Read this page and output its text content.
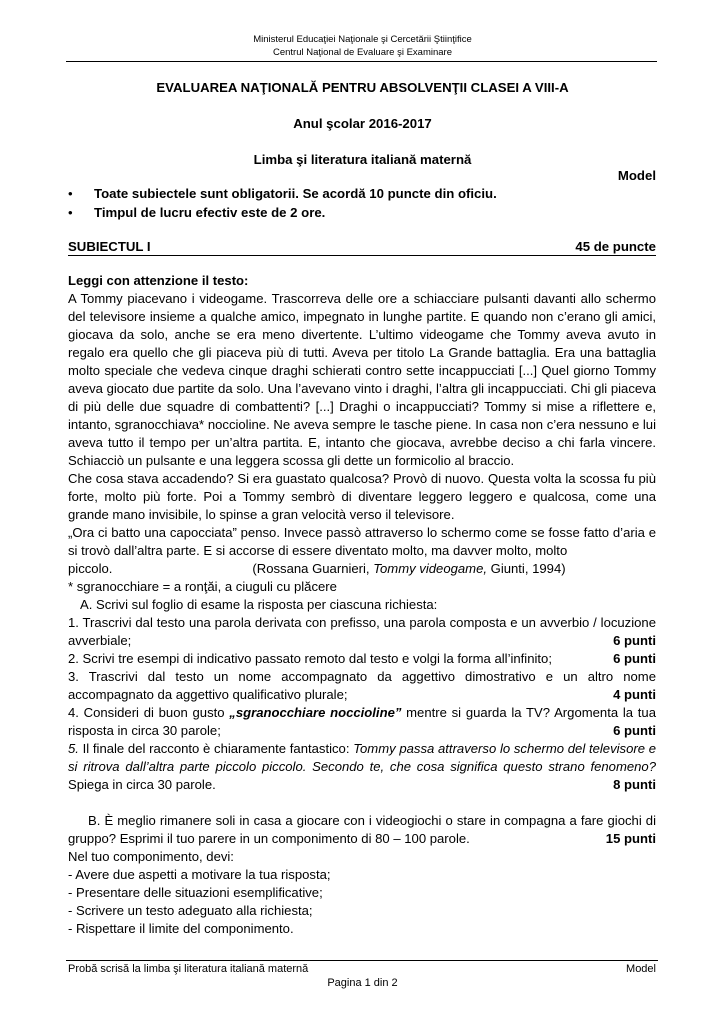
Ministerul Educaţiei Naţionale şi Cercetării Ştiinţifice
Centrul Naţional de Evaluare şi Examinare
EVALUAREA NAŢIONALĂ PENTRU ABSOLVENŢII CLASEI A VIII-A
Anul şcolar 2016-2017
Limba şi literatura italiană maternă
Model
• Toate subiectele sunt obligatorii. Se acordă 10 puncte din oficiu.
• Timpul de lucru efectiv este de 2 ore.
SUBIECTUL I	45 de puncte

Leggi con attenzione il testo:

A Tommy piacevano i videogame. Trascorreva delle ore a schiacciare pulsanti davanti allo schermo del televisore insieme a qualche amico, impegnato in lunghe partite. E quando non c’erano gli amici, giocava da solo, anche se era meno divertente. L’ultimo videogame che Tommy aveva avuto in regalo era quello che gli piaceva più di tutti. Aveva per titolo La Grande battaglia. Era una battaglia molto speciale che vedeva cinque draghi schierati contro sette incappucciati [...] Quel giorno Tommy aveva giocato due partite da solo. Una l’avevano vinto i draghi, l’altra gli incappucciati. Chi gli piaceva di più delle due squadre di combattenti? [...] Draghi o incappucciati? Tommy si mise a riflettere e, intanto, sgranocchiava* noccioline. Ne aveva sempre le tasche piene. In casa non c’era nessuno e lui aveva tutto il tempo per un’altra partita. E, intanto che giocava, avrebbe deciso a chi farla vincere. Schiacciò un pulsante e una leggera scossa gli dette un formicolio al braccio.

Che cosa stava accadendo? Si era guastato qualcosa? Provò di nuovo. Questa volta la scossa fu più forte, molto più forte. Poi a Tommy sembrò di diventare leggero leggero e qualcosa, come una grande mano invisibile, lo spinse a gran velocità verso il televisore.

„Ora ci batto una capocciata” penso. Invece passò attraverso lo schermo come se fosse fatto d’aria e si trovò dall’altra parte. E si accorse di essere diventato molto, ma davver molto, molto

piccolo.	(Rossana Guarnieri, Tommy videogame, Giunti, 1994)

* sgranocchiare = a ronţăi, a ciuguli cu plăcere

A. Scrivi sul foglio di esame la risposta per ciascuna richiesta:

1. Trascrivi dal testo una parola derivata con prefisso, una parola composta e un avverbio / locuzione avverbiale;	6 punti

2. Scrivi tre esempi di indicativo passato remoto dal testo e volgi la forma all’infinito;	6 punti

3. Trascrivi dal testo un nome accompagnato da aggettivo dimostrativo e un altro nome accompagnato da aggettivo qualificativo plurale;	4 punti

4. Consideri di buon gusto „sgranocchiare noccioline” mentre si guarda la TV? Argomenta la tua risposta in circa 30 parole;	6 punti

5. Il finale del racconto è chiaramente fantastico: Tommy passa attraverso lo schermo del televisore e si ritrova dall’altra parte piccolo piccolo. Secondo te, che cosa significa questo strano fenomeno? Spiega in circa 30 parole.	8 punti

B. È meglio rimanere soli in casa a giocare con i videogiochi o stare in compagna a fare giochi di gruppo? Esprimi il tuo parere in un componimento di 80 – 100 parole.	15 punti

Nel tuo componimento, devi:

- Avere due aspetti a motivare la tua risposta;

- Presentare delle situazioni esemplificative;

- Scrivere un testo adeguato alla richiesta;

- Rispettare il limite del componimento.

Probă scrisă la limba şi literatura italiană maternă	Model
Pagina 1 din 2
